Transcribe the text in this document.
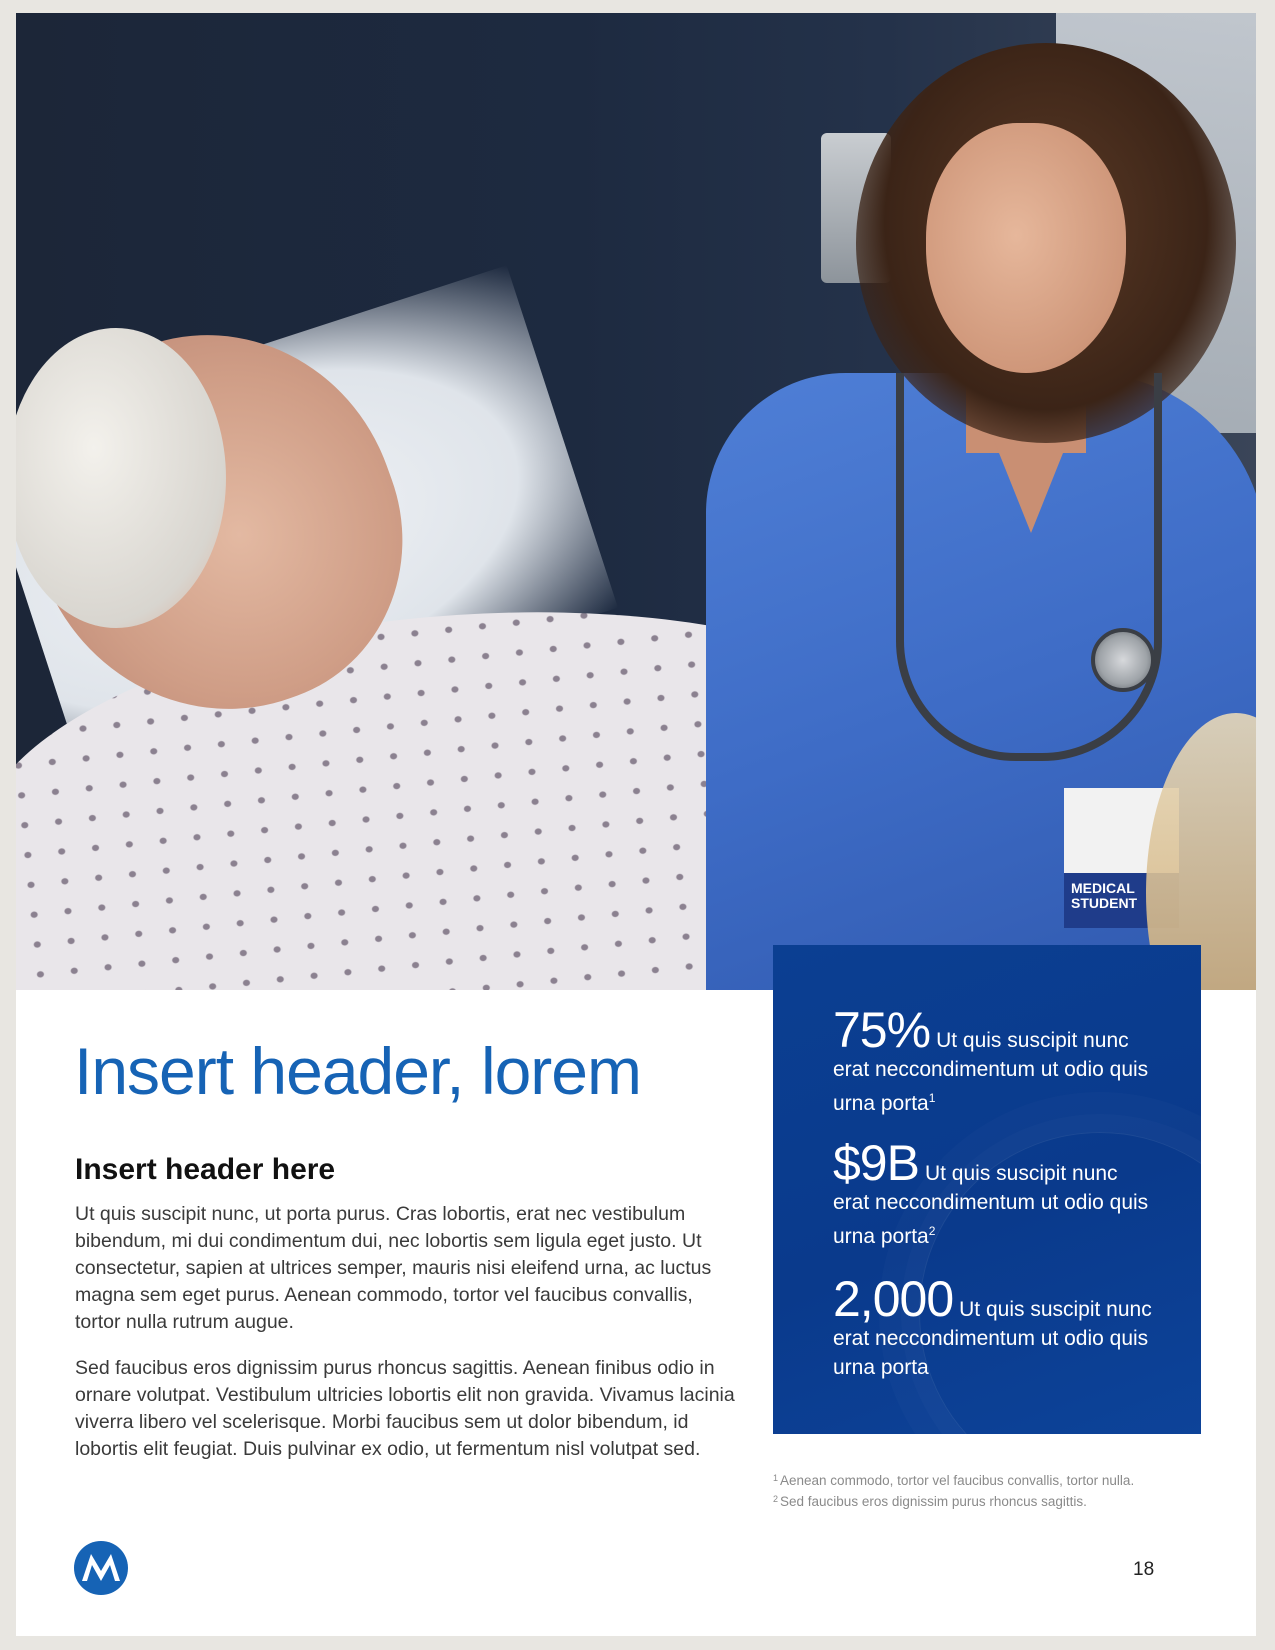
MEDICAL STUDENT
Insert header, lorem
Insert header here

Ut quis suscipit nunc, ut porta purus. Cras lobortis, erat nec vestibulum bibendum, mi dui condimentum dui, nec lobortis sem ligula eget justo. Ut consectetur, sapien at ultrices semper, mauris nisi eleifend urna, ac luctus magna sem eget purus. Aenean commodo, tortor vel faucibus convallis, tortor nulla rutrum augue.

Sed faucibus eros dignissim purus rhoncus sagittis. Aenean finibus odio in ornare volutpat. Vestibulum ultricies lobortis elit non gravida. Vivamus lacinia viverra libero vel scelerisque. Morbi faucibus sem ut dolor bibendum, id lobortis elit feugiat. Duis pulvinar ex odio, ut fermentum nisl volutpat sed.

75% Ut quis suscipit nunc erat neccondimentum ut odio quis urna porta$^1$
$9B Ut quis suscipit nunc erat neccondimentum ut odio quis urna porta$^2$
2,000 Ut quis suscipit nunc erat neccondimentum ut odio quis urna porta
$^1$ Aenean commodo, tortor vel faucibus convallis, tortor nulla.
$^2$ Sed faucibus eros dignissim purus rhoncus sagittis.
18
